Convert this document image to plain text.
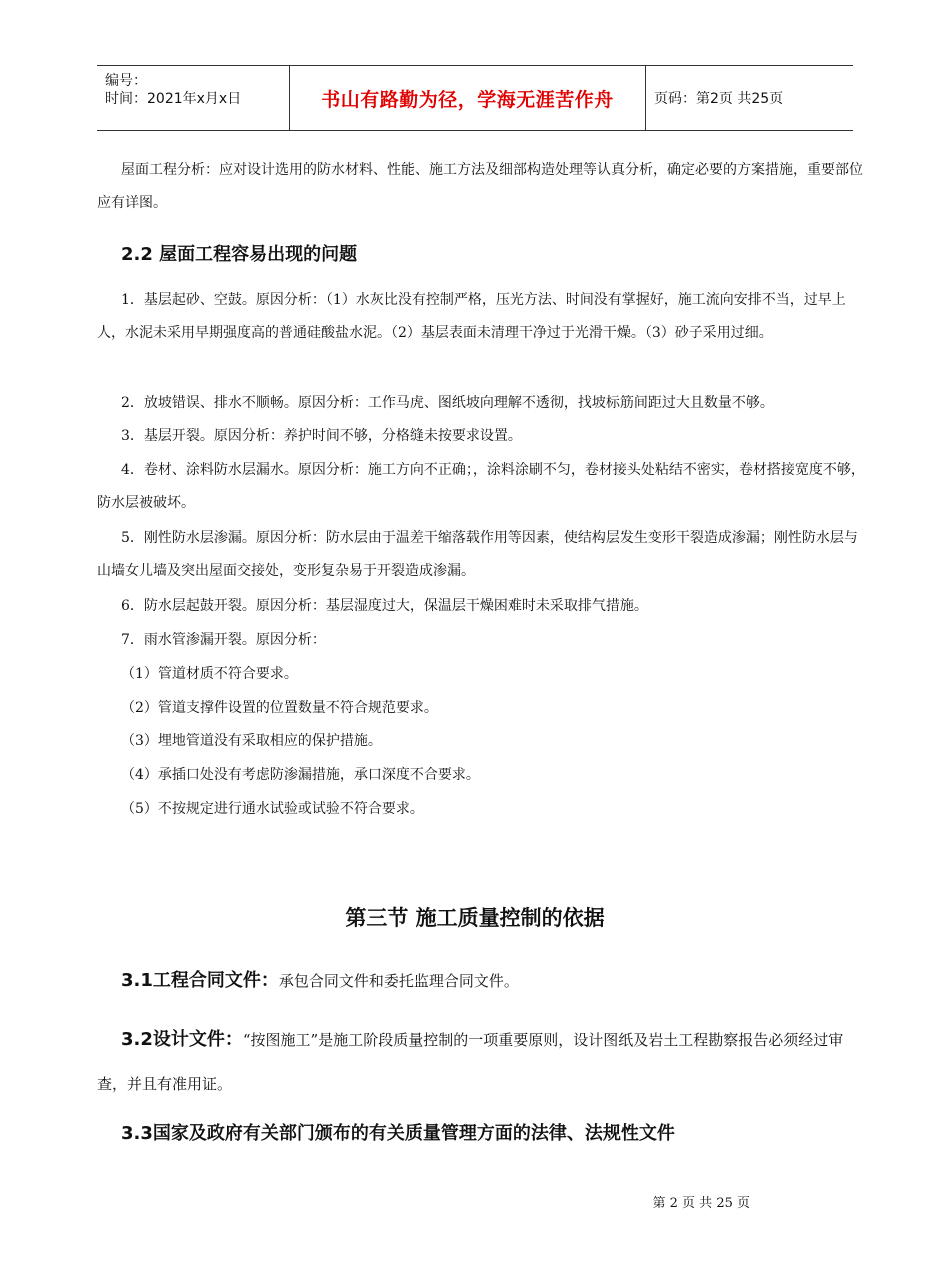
编号：
时间：2021年x月x日	书山有路勤为径，学海无涯苦作舟	页码：第2页 共25页

屋面工程分析：应对设计选用的防水材料、性能、施工方法及细部构造处理等认真分析，确定必要的方案措施，重要部位应有详图。

2.2 屋面工程容易出现的问题

1．基层起砂、空鼓。原因分析：（1）水灰比没有控制严格，压光方法、时间没有掌握好，施工流向安排不当，过早上人，水泥未采用早期强度高的普通硅酸盐水泥。（2）基层表面未清理干净过于光滑干燥。（3）砂子采用过细。

2．放坡错误、排水不顺畅。原因分析：工作马虎、图纸坡向理解不透彻，找坡标筋间距过大且数量不够。

3．基层开裂。原因分析：养护时间不够，分格缝未按要求设置。

4．卷材、涂料防水层漏水。原因分析：施工方向不正确；，涂料涂刷不匀，卷材接头处粘结不密实，卷材搭接宽度不够，防水层被破坏。

5．刚性防水层渗漏。原因分析：防水层由于温差干缩落载作用等因素，使结构层发生变形干裂造成渗漏；刚性防水层与山墙女儿墙及突出屋面交接处，变形复杂易于开裂造成渗漏。

6．防水层起鼓开裂。原因分析：基层湿度过大，保温层干燥困难时未采取排气措施。

7．雨水管渗漏开裂。原因分析：

（1）管道材质不符合要求。

（2）管道支撑件设置的位置数量不符合规范要求。

（3）埋地管道没有采取相应的保护措施。

（4）承插口处没有考虑防渗漏措施，承口深度不合要求。

（5）不按规定进行通水试验或试验不符合要求。

第三节 施工质量控制的依据

3.1工程合同文件：承包合同文件和委托监理合同文件。

3.2设计文件：“按图施工”是施工阶段质量控制的一项重要原则，设计图纸及岩土工程勘察报告必须经过审查，并且有准用证。

3.3国家及政府有关部门颁布的有关质量管理方面的法律、法规性文件

第 2 页 共 25 页
